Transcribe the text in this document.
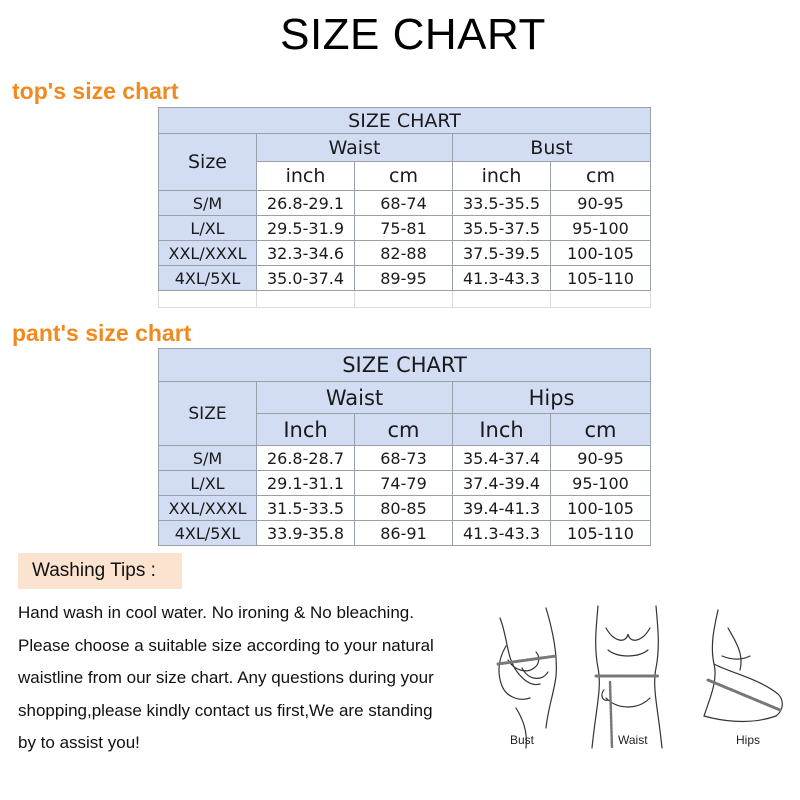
SIZE CHART
top's size chart
SIZE CHART				
Size	Waist		Bust	
	inch	cm	inch	cm
S/M	26.8-29.1	68-74	33.5-35.5	90-95
L/XL	29.5-31.9	75-81	35.5-37.5	95-100
XXL/XXXL	32.3-34.6	82-88	37.5-39.5	100-105
4XL/5XL	35.0-37.4	89-95	41.3-43.3	105-110

pant's size chart
SIZE CHART				
SIZE	Waist		Hips	
	Inch	cm	Inch	cm
S/M	26.8-28.7	68-73	35.4-37.4	90-95
L/XL	29.1-31.1	74-79	37.4-39.4	95-100
XXL/XXXL	31.5-33.5	80-85	39.4-41.3	100-105
4XL/5XL	33.9-35.8	86-91	41.3-43.3	105-110
Washing Tips :

Hand wash in cool water. No ironing & No bleaching.

Please choose a suitable size according to your natural

waistline from our size chart. Any questions during your

shopping,please kindly contact us first,We are standing

by to assist you!	Bust	Waist	Hips
